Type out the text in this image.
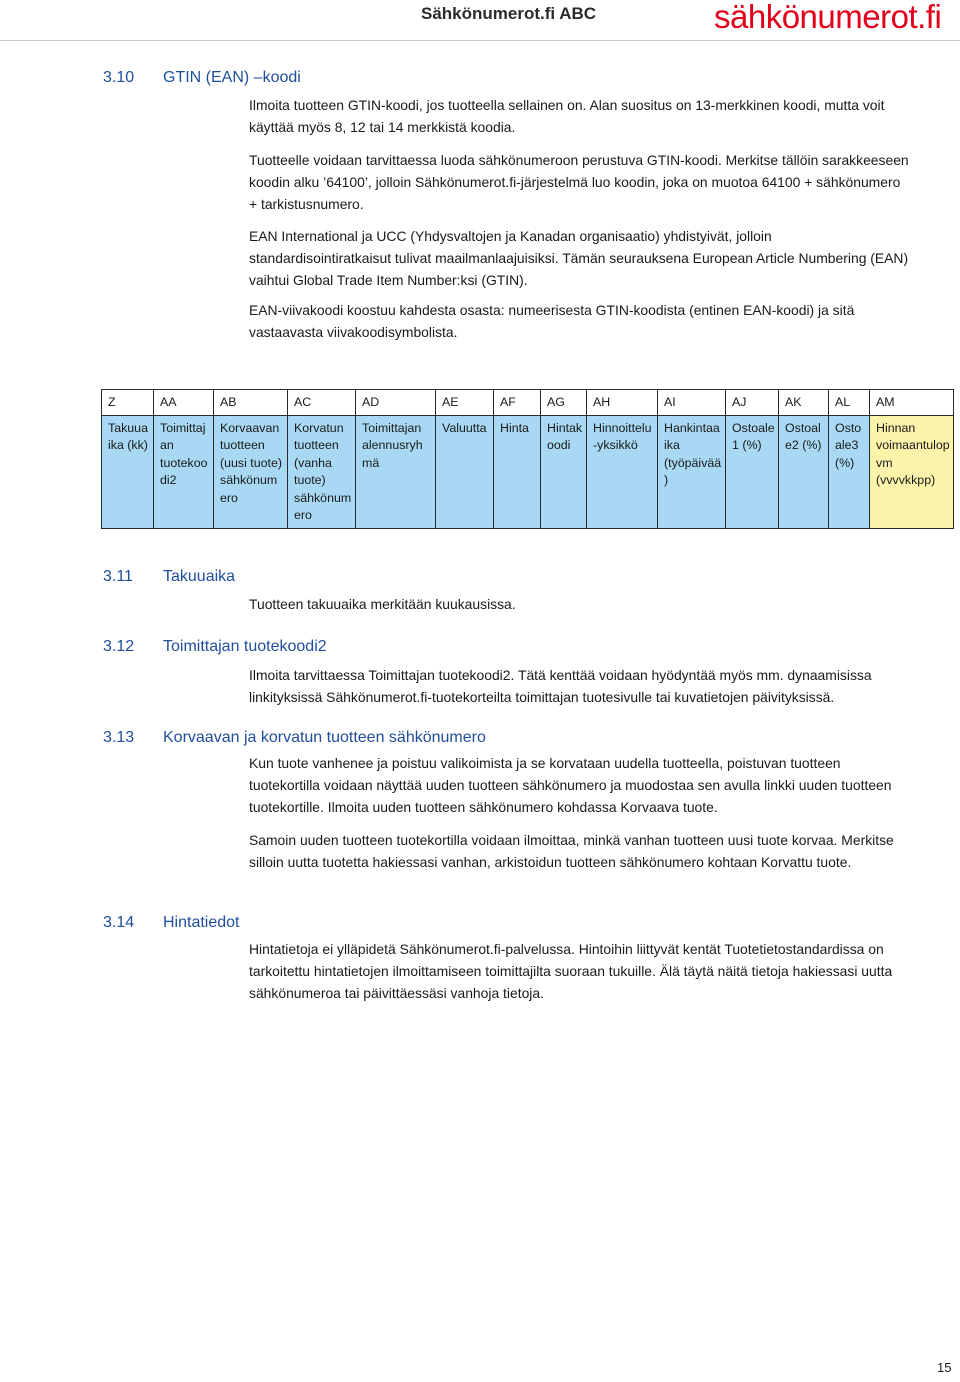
Sähkönumerot.fi ABC	sähkönumerot.fi
3.10 GTIN (EAN) –koodi

Ilmoita tuotteen GTIN-koodi, jos tuotteella sellainen on. Alan suositus on 13-merkkinen koodi, mutta voit käyttää myös 8, 12 tai 14 merkkistä koodia.

Tuotteelle voidaan tarvittaessa luoda sähkönumeroon perustuva GTIN-koodi. Merkitse tällöin sarakkeeseen koodin alku ’64100’, jolloin Sähkönumerot.fi-järjestelmä luo koodin, joka on muotoa 64100 + sähkönumero + tarkistusnumero.

EAN International ja UCC (Yhdysvaltojen ja Kanadan organisaatio) yhdistyivät, jolloin standardisointiratkaisut tulivat maailmanlaajuisiksi. Tämän seurauksena European Article Numbering (EAN) vaihtui Global Trade Item Number:ksi (GTIN).

EAN-viivakoodi koostuu kahdesta osasta: numeerisesta GTIN-koodista (entinen EAN-koodi) ja sitä vastaavasta viivakoodisymbolista.

Z	AA	AB	AC	AD	AE	AF	AG	AH	AI	AJ	AK	AL	AM
Takuuaika (kk)	Toimittajan tuotekoodi2	Korvaavan tuotteen (uusi tuote) sähkönumero	Korvatun tuotteen (vanha tuote) sähkönumero	Toimittajan alennusryhmä	Valuutta	Hinta	Hintakoodi	Hinnoittelu-yksikkö	Hankintaaika (työpäivää)	Ostoale1 (%)	Ostoale2 (%)	Ostoale3 (%)	Hinnan voimaantulopvm (vvvvkkpp)
3.11 Takuuaika

Tuotteen takuuaika merkitään kuukausissa.

3.12 Toimittajan tuotekoodi2

Ilmoita tarvittaessa Toimittajan tuotekoodi2. Tätä kenttää voidaan hyödyntää myös mm. dynaamisissa linkityksissä Sähkönumerot.fi-tuotekorteilta toimittajan tuotesivulle tai kuvatietojen päivityksissä.

3.13 Korvaavan ja korvatun tuotteen sähkönumero

Kun tuote vanhenee ja poistuu valikoimista ja se korvataan uudella tuotteella, poistuvan tuotteen tuotekortilla voidaan näyttää uuden tuotteen sähkönumero ja muodostaa sen avulla linkki uuden tuotteen tuotekortille. Ilmoita uuden tuotteen sähkönumero kohdassa Korvaava tuote.

Samoin uuden tuotteen tuotekortilla voidaan ilmoittaa, minkä vanhan tuotteen uusi tuote korvaa. Merkitse silloin uutta tuotetta hakiessasi vanhan, arkistoidun tuotteen sähkönumero kohtaan Korvattu tuote.

3.14 Hintatiedot

Hintatietoja ei ylläpidetä Sähkönumerot.fi-palvelussa. Hintoihin liittyvät kentät Tuotetietostandardissa on tarkoitettu hintatietojen ilmoittamiseen toimittajilta suoraan tukuille. Älä täytä näitä tietoja hakiessasi uutta sähkönumeroa tai päivittäessäsi vanhoja tietoja.

15
